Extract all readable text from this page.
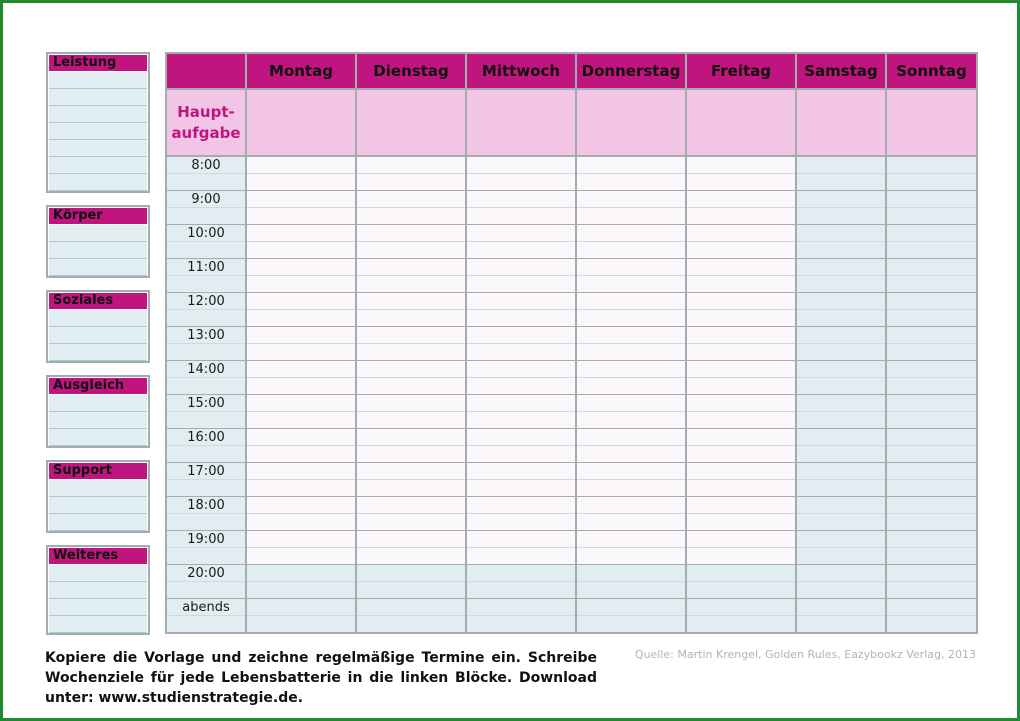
Leistung
Körper
Soziales
Ausgleich
Support
Weiteres
Montag	Dienstag	Mittwoch	Donnerstag	Freitag	Samstag	Sonntag
Haupt-
aufgabe
8:00
9:00
10:00
11:00
12:00
13:00
14:00
15:00
16:00
17:00
18:00
19:00
20:00
abends
Kopiere die Vorlage und zeichne regelmäßige Termine ein. Schreibe Wochenziele für jede Lebensbatterie in die linken Blöcke. Download unter: www.studienstrategie.de.
Quelle: Martin Krengel, Golden Rules, Eazybookz Verlag, 2013
